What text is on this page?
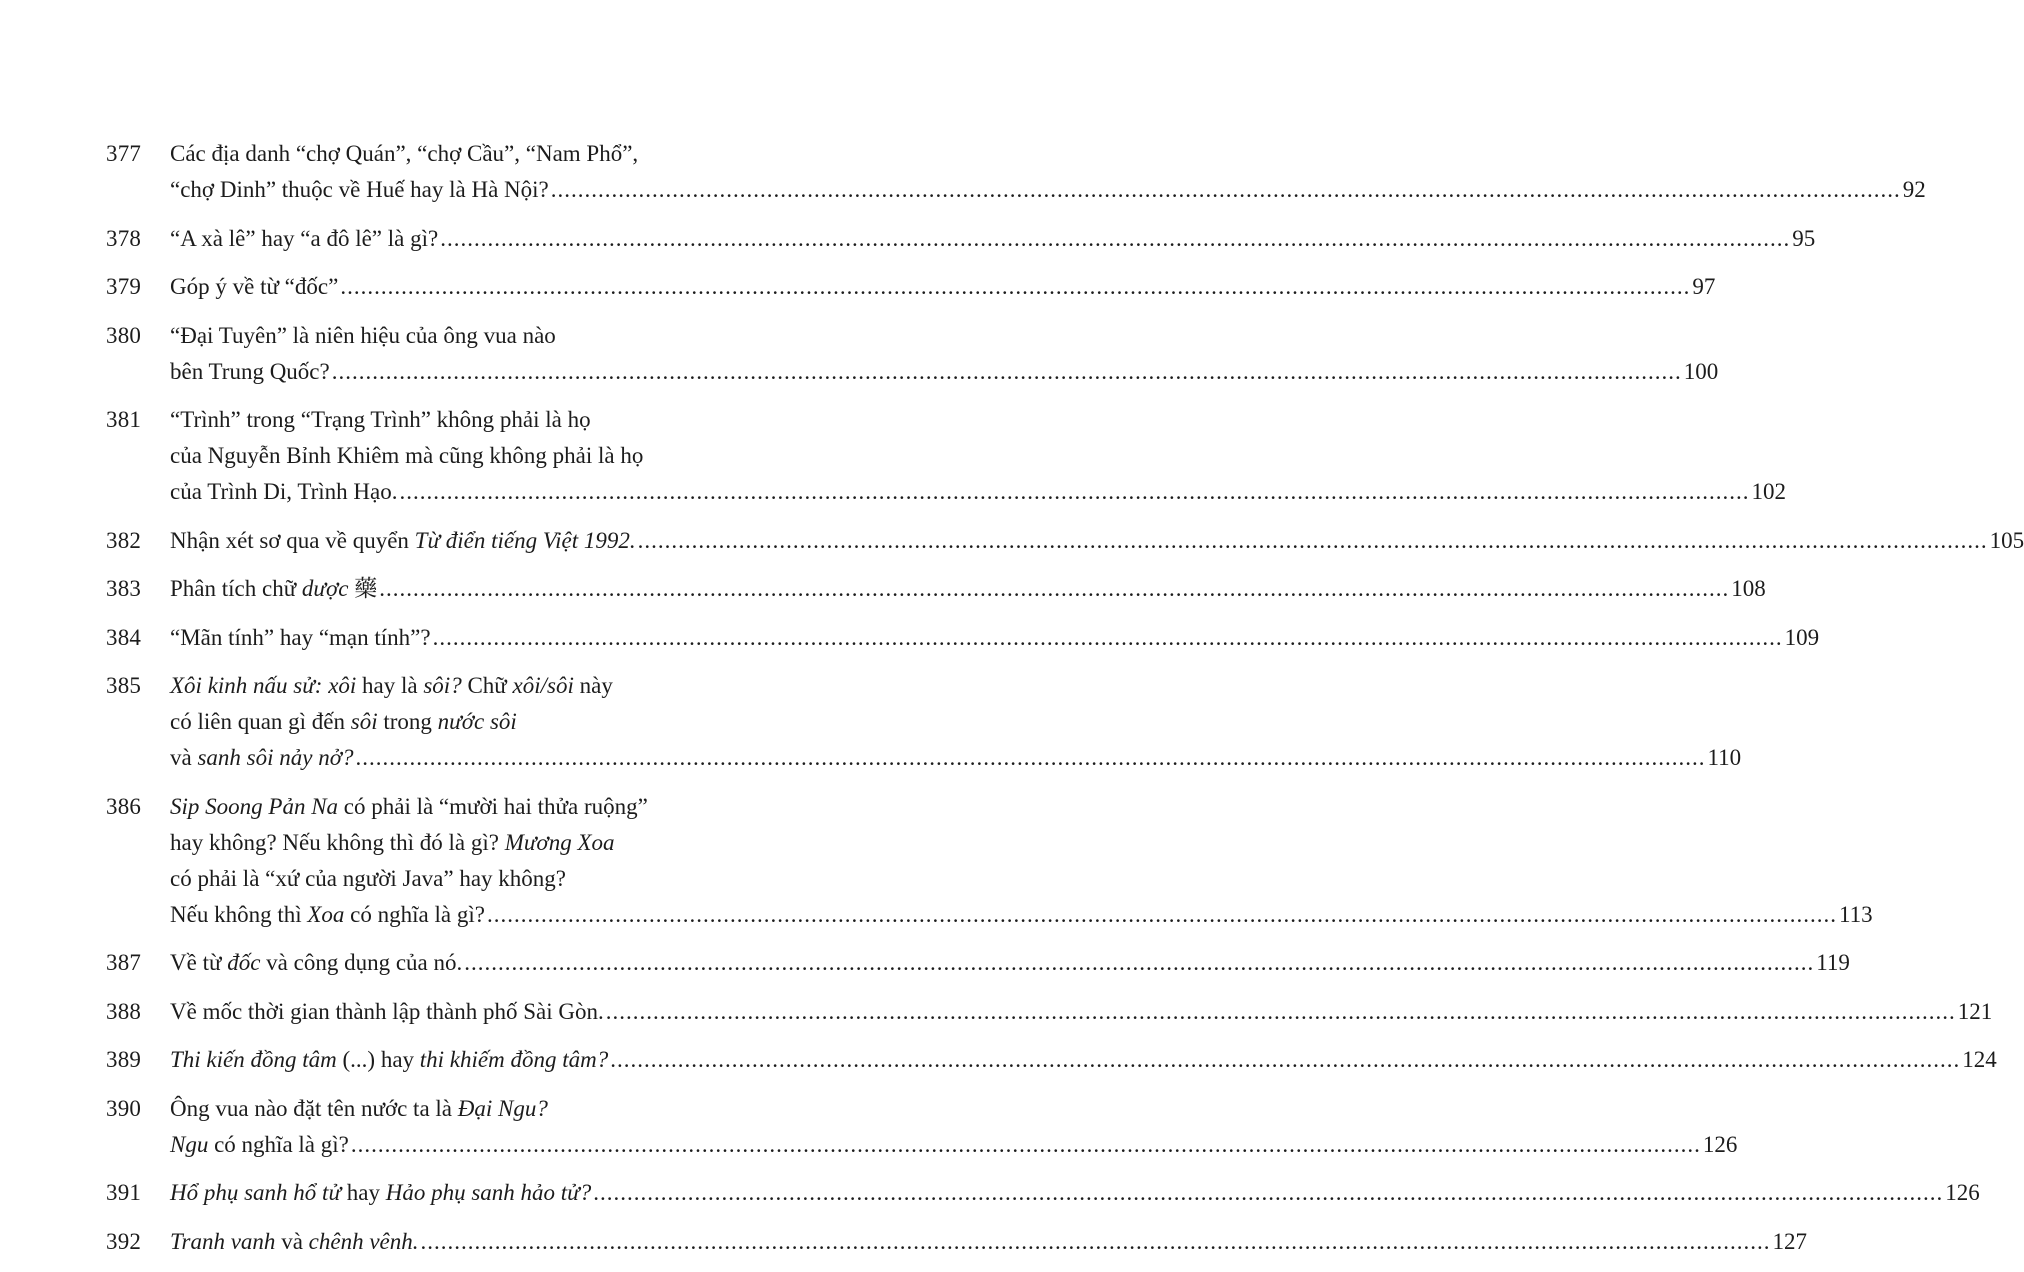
377	Các địa danh “chợ Quán”, “chợ Cầu”, “Nam Phổ”,
“chợ Dinh” thuộc về Huế hay là Hà Nội? ........................................................................................................................................................................................................ 92
378	“A xà lê” hay “a đô lê” là gì? ........................................................................................................................................................................................................ 95
379	Góp ý về từ “đốc” ........................................................................................................................................................................................................ 97
380	“Đại Tuyên” là niên hiệu của ông vua nào
bên Trung Quốc? ........................................................................................................................................................................................................ 100
381	“Trình” trong “Trạng Trình” không phải là họ
của Nguyễn Bỉnh Khiêm mà cũng không phải là họ
của Trình Di, Trình Hạo. ........................................................................................................................................................................................................ 102
382	Nhận xét sơ qua về quyển Từ điển tiếng Việt 1992. ........................................................................................................................................................................................................ 105
383	Phân tích chữ dược 藥 ........................................................................................................................................................................................................ 108
384	“Mãn tính” hay “mạn tính”? ........................................................................................................................................................................................................ 109
385	Xôi kinh nấu sử: xôi hay là sôi? Chữ xôi/sôi này
có liên quan gì đến sôi trong nước sôi
và sanh sôi nảy nở? ........................................................................................................................................................................................................ 110
386	Sip Soong Pản Na có phải là “mười hai thửa ruộng”
hay không? Nếu không thì đó là gì? Mương Xoa
có phải là “xứ của người Java” hay không?
Nếu không thì Xoa có nghĩa là gì? ........................................................................................................................................................................................................ 113
387	Về từ đốc và công dụng của nó. ........................................................................................................................................................................................................ 119
388	Về mốc thời gian thành lập thành phố Sài Gòn. ........................................................................................................................................................................................................ 121
389	Thi kiến đồng tâm (...) hay thi khiếm đồng tâm? ........................................................................................................................................................................................................ 124
390	Ông vua nào đặt tên nước ta là Đại Ngu?
Ngu có nghĩa là gì? ........................................................................................................................................................................................................ 126
391	Hổ phụ sanh hổ tử hay Hảo phụ sanh hảo tử? ........................................................................................................................................................................................................ 126
392	Tranh vanh và chênh vênh. ........................................................................................................................................................................................................ 127
